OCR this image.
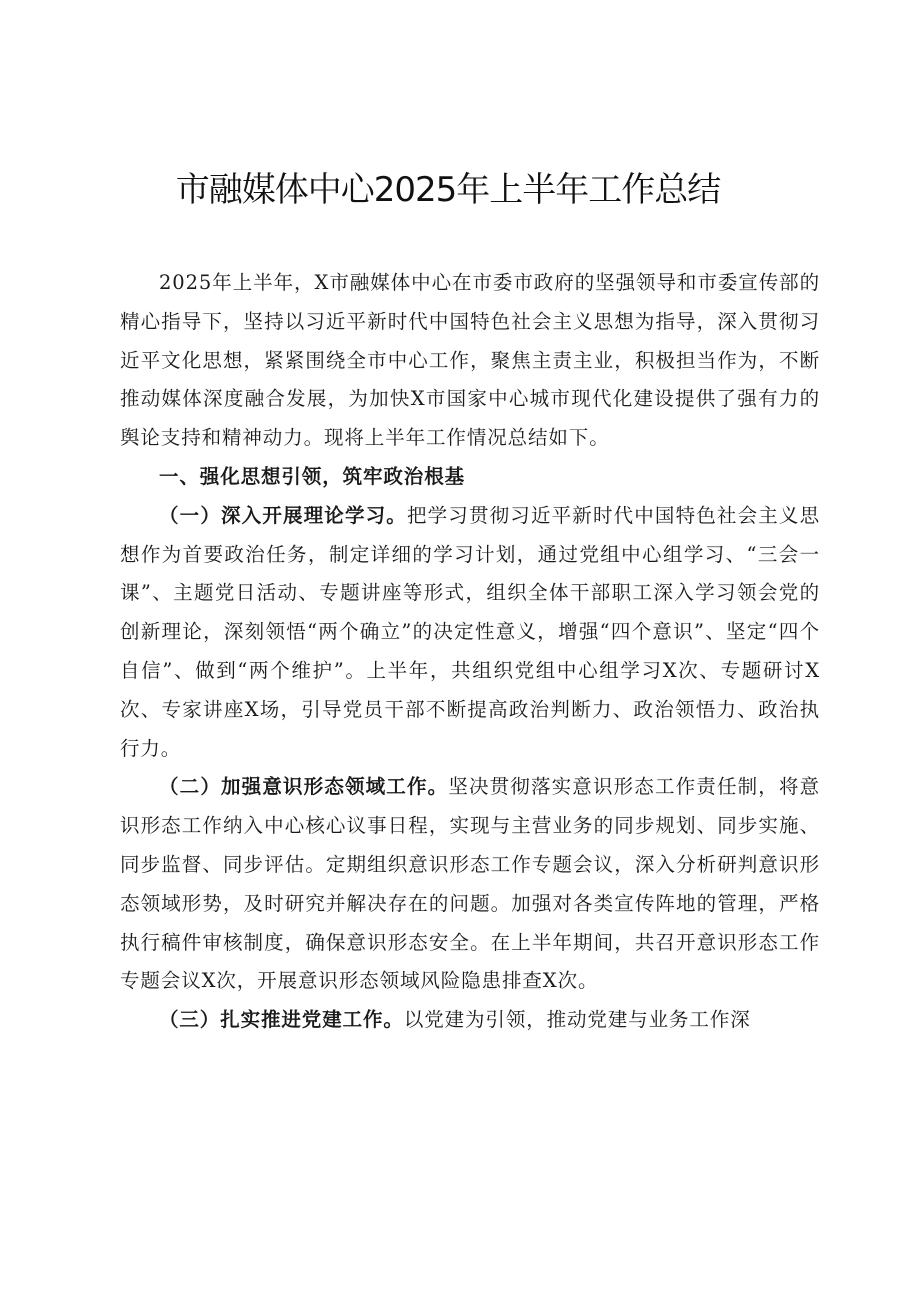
市融媒体中心2025年上半年工作总结

2025年上半年，X市融媒体中心在市委市政府的坚强领导和市委宣传部的精心指导下，坚持以习近平新时代中国特色社会主义思想为指导，深入贯彻习近平文化思想，紧紧围绕全市中心工作，聚焦主责主业，积极担当作为，不断推动媒体深度融合发展，为加快X市国家中心城市现代化建设提供了强有力的舆论支持和精神动力。现将上半年工作情况总结如下。

一、强化思想引领，筑牢政治根基

（一）深入开展理论学习。把学习贯彻习近平新时代中国特色社会主义思想作为首要政治任务，制定详细的学习计划，通过党组中心组学习、“三会一课”、主题党日活动、专题讲座等形式，组织全体干部职工深入学习领会党的创新理论，深刻领悟“两个确立”的决定性意义，增强“四个意识”、坚定“四个自信”、做到“两个维护”。上半年，共组织党组中心组学习X次、专题研讨X次、专家讲座X场，引导党员干部不断提高政治判断力、政治领悟力、政治执行力。

（二）加强意识形态领域工作。坚决贯彻落实意识形态工作责任制，将意识形态工作纳入中心核心议事日程，实现与主营业务的同步规划、同步实施、同步监督、同步评估。定期组织意识形态工作专题会议，深入分析研判意识形态领域形势，及时研究并解决存在的问题。加强对各类宣传阵地的管理，严格执行稿件审核制度，确保意识形态安全。在上半年期间，共召开意识形态工作专题会议X次，开展意识形态领域风险隐患排查X次。

（三）扎实推进党建工作。以党建为引领，推动党建与业务工作深
